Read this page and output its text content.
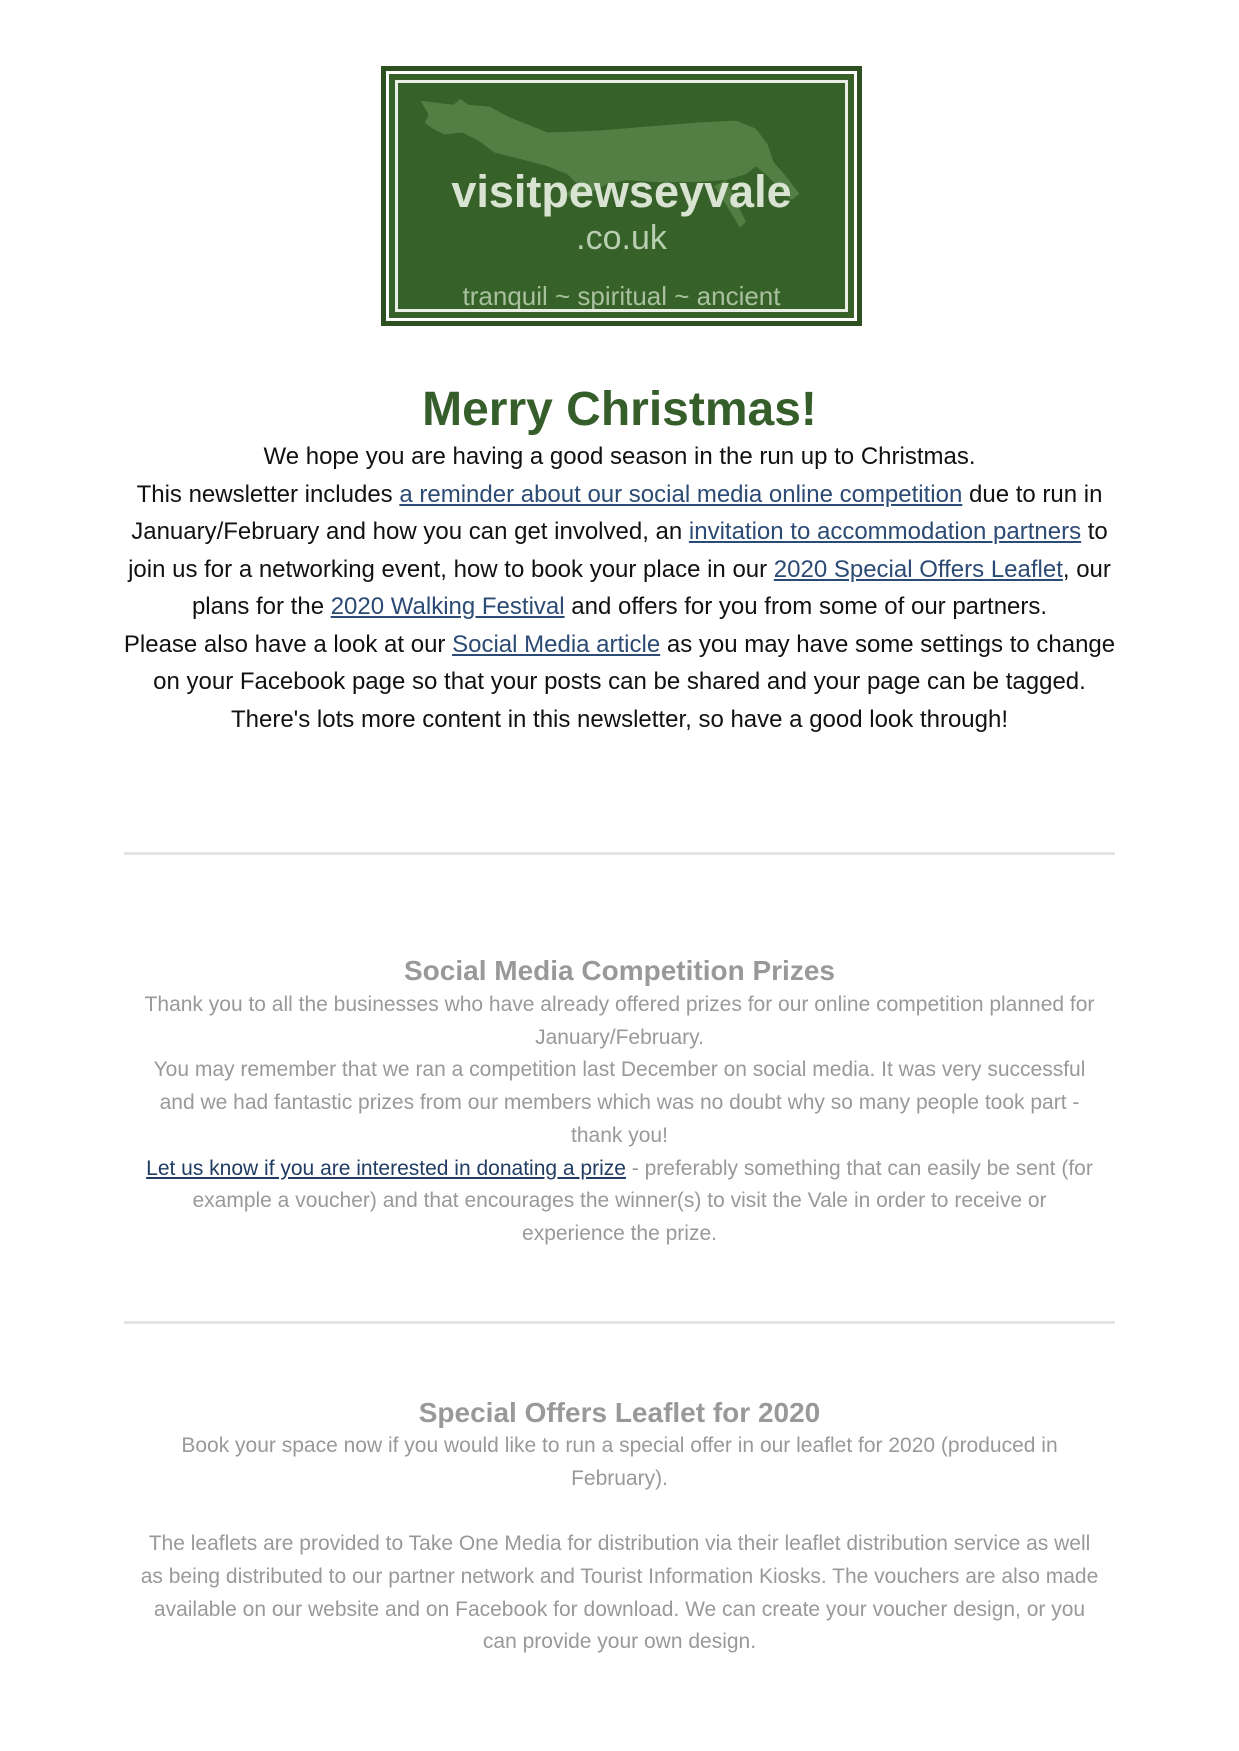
visitpewseyvale
.co.uk
tranquil ~ spiritual ~ ancient
Merry Christmas!

We hope you are having a good season in the run up to Christmas.

This newsletter includes a reminder about our social media online competition due to run in January/February and how you can get involved, an invitation to accommodation partners to join us for a networking event, how to book your place in our 2020 Special Offers Leaflet, our plans for the 2020 Walking Festival and offers for you from some of our partners.

Please also have a look at our Social Media article as you may have some settings to change on your Facebook page so that your posts can be shared and your page can be tagged.

There's lots more content in this newsletter, so have a good look through!

Social Media Competition Prizes

Thank you to all the businesses who have already offered prizes for our online competition planned for January/February.

You may remember that we ran a competition last December on social media. It was very successful and we had fantastic prizes from our members which was no doubt why so many people took part - thank you!

Let us know if you are interested in donating a prize - preferably something that can easily be sent (for example a voucher) and that encourages the winner(s) to visit the Vale in order to receive or experience the prize.

Special Offers Leaflet for 2020

Book your space now if you would like to run a special offer in our leaflet for 2020 (produced in February).

The leaflets are provided to Take One Media for distribution via their leaflet distribution service as well as being distributed to our partner network and Tourist Information Kiosks. The vouchers are also made available on our website and on Facebook for download. We can create your voucher design, or you can provide your own design.
